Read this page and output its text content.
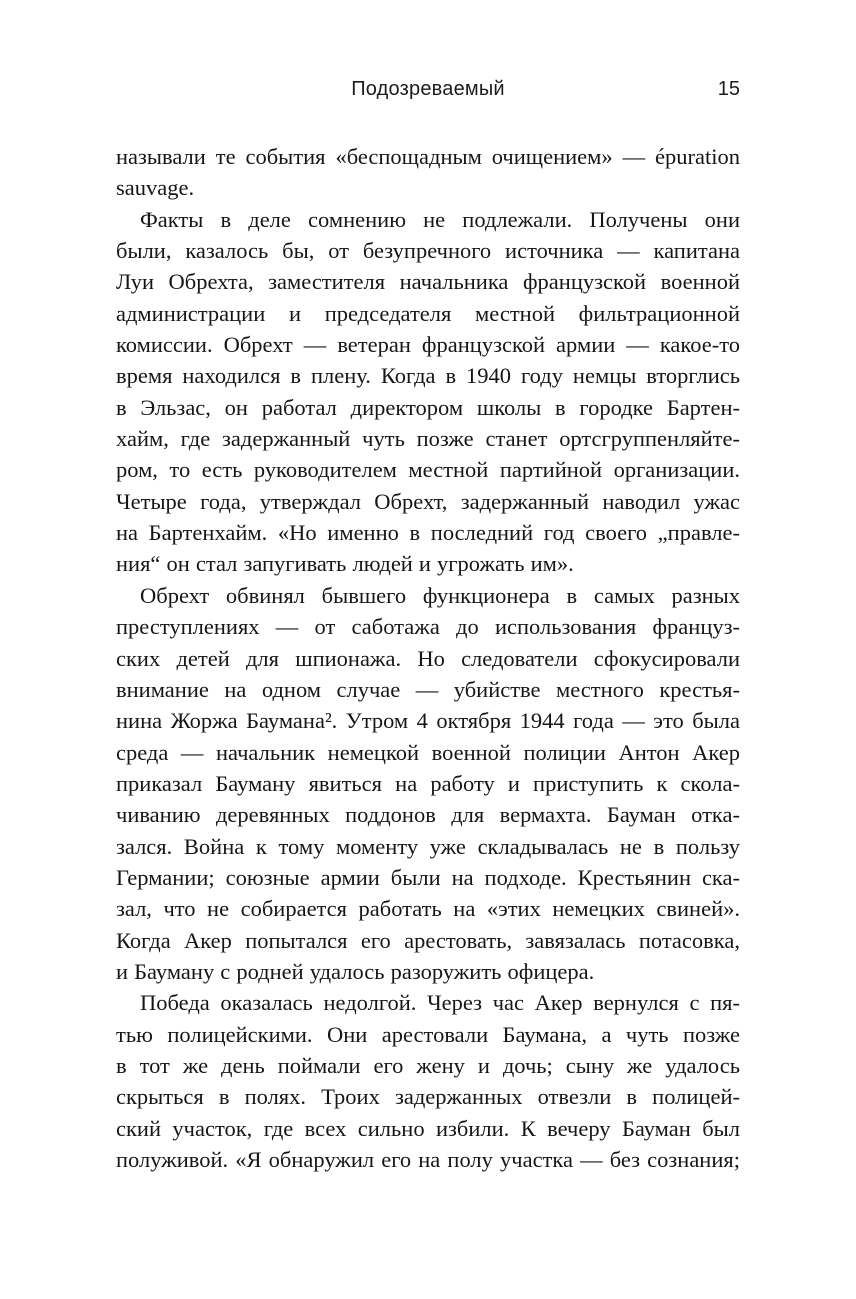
Подозреваемый	15
называли те события «беспощадным очищением» — épuration
sauvage.
Факты в деле сомнению не подлежали. Получены они
были, казалось бы, от безупречного источника — капитана
Луи Обрехта, заместителя начальника французской военной
администрации и председателя местной фильтрационной
комиссии. Обрехт — ветеран французской армии — какое-то
время находился в плену. Когда в 1940 году немцы вторглись
в Эльзас, он работал директором школы в городке Бартен-
хайм, где задержанный чуть позже станет ортсгруппенляйте-
ром, то есть руководителем местной партийной организации.
Четыре года, утверждал Обрехт, задержанный наводил ужас
на Бартенхайм. «Но именно в последний год своего „правле-
ния“ он стал запугивать людей и угрожать им».
Обрехт обвинял бывшего функционера в самых разных
преступлениях — от саботажа до использования француз-
ских детей для шпионажа. Но следователи сфокусировали
внимание на одном случае — убийстве местного крестья-
нина Жоржа Баумана². Утром 4 октября 1944 года — это была
среда — начальник немецкой военной полиции Антон Акер
приказал Бауману явиться на работу и приступить к скола-
чиванию деревянных поддонов для вермахта. Бауман отка-
зался. Война к тому моменту уже складывалась не в пользу
Германии; союзные армии были на подходе. Крестьянин ска-
зал, что не собирается работать на «этих немецких свиней».
Когда Акер попытался его арестовать, завязалась потасовка,
и Бауману с родней удалось разоружить офицера.
Победа оказалась недолгой. Через час Акер вернулся с пя-
тью полицейскими. Они арестовали Баумана, а чуть позже
в тот же день поймали его жену и дочь; сыну же удалось
скрыться в полях. Троих задержанных отвезли в полицей-
ский участок, где всех сильно избили. К вечеру Бауман был
полуживой. «Я обнаружил его на полу участка — без сознания;
